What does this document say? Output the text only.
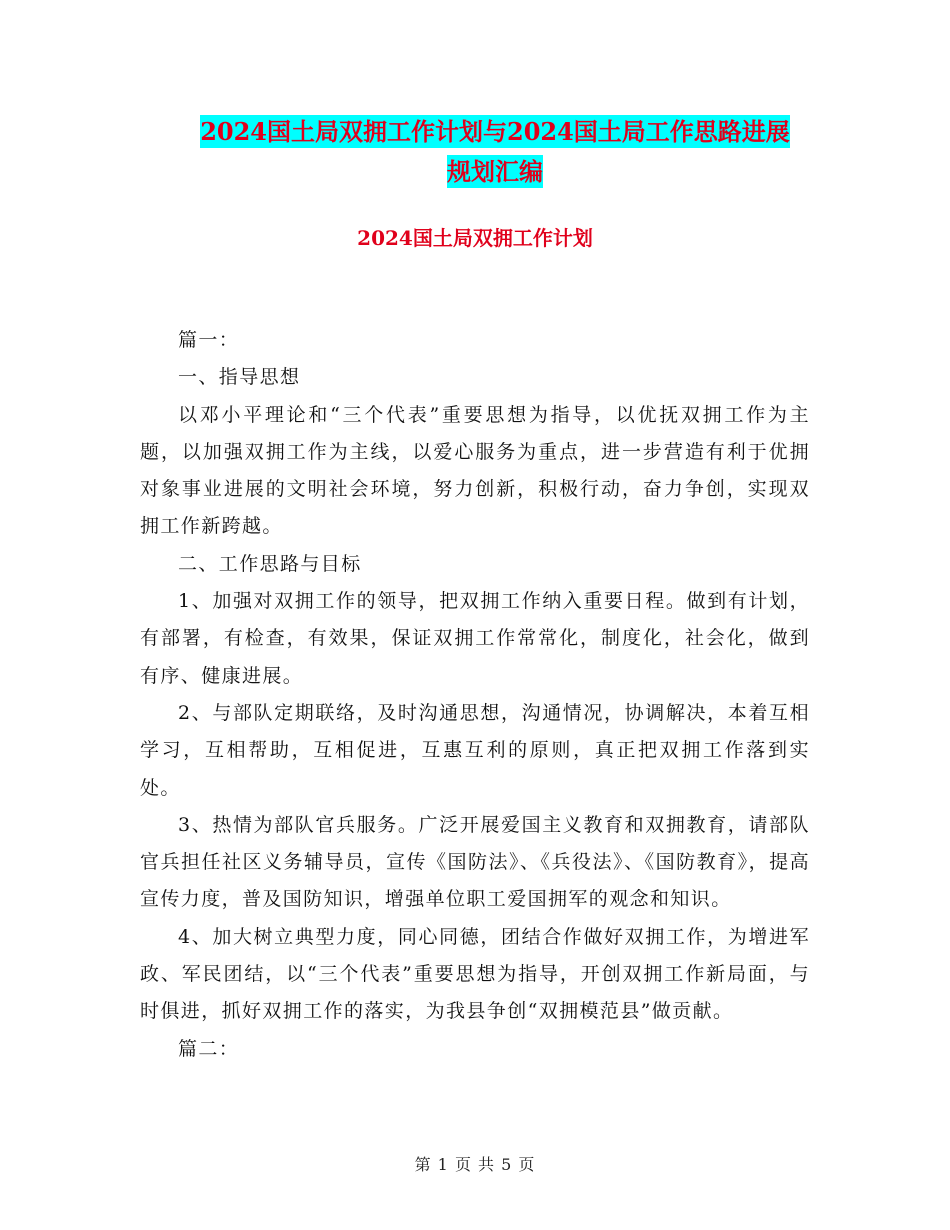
2024国土局双拥工作计划与2024国土局工作思路进展
规划汇编
2024国土局双拥工作计划

篇一：

一、指导思想

以邓小平理论和“三个代表”重要思想为指导，以优抚双拥工作为主题，以加强双拥工作为主线，以爱心服务为重点，进一步营造有利于优拥对象事业进展的文明社会环境，努力创新，积极行动，奋力争创，实现双拥工作新跨越。

二、工作思路与目标

1、加强对双拥工作的领导，把双拥工作纳入重要日程。做到有计划，有部署，有检查，有效果，保证双拥工作常常化，制度化，社会化，做到有序、健康进展。

2、与部队定期联络，及时沟通思想，沟通情况，协调解决，本着互相学习，互相帮助，互相促进，互惠互利的原则，真正把双拥工作落到实处。

3、热情为部队官兵服务。广泛开展爱国主义教育和双拥教育，请部队官兵担任社区义务辅导员，宣传《国防法》、《兵役法》、《国防教育》，提高宣传力度，普及国防知识，增强单位职工爱国拥军的观念和知识。

4、加大树立典型力度，同心同德，团结合作做好双拥工作，为增进军政、军民团结，以“三个代表”重要思想为指导，开创双拥工作新局面，与时俱进，抓好双拥工作的落实，为我县争创“双拥模范县”做贡献。

篇二：

第 1 页 共 5 页
